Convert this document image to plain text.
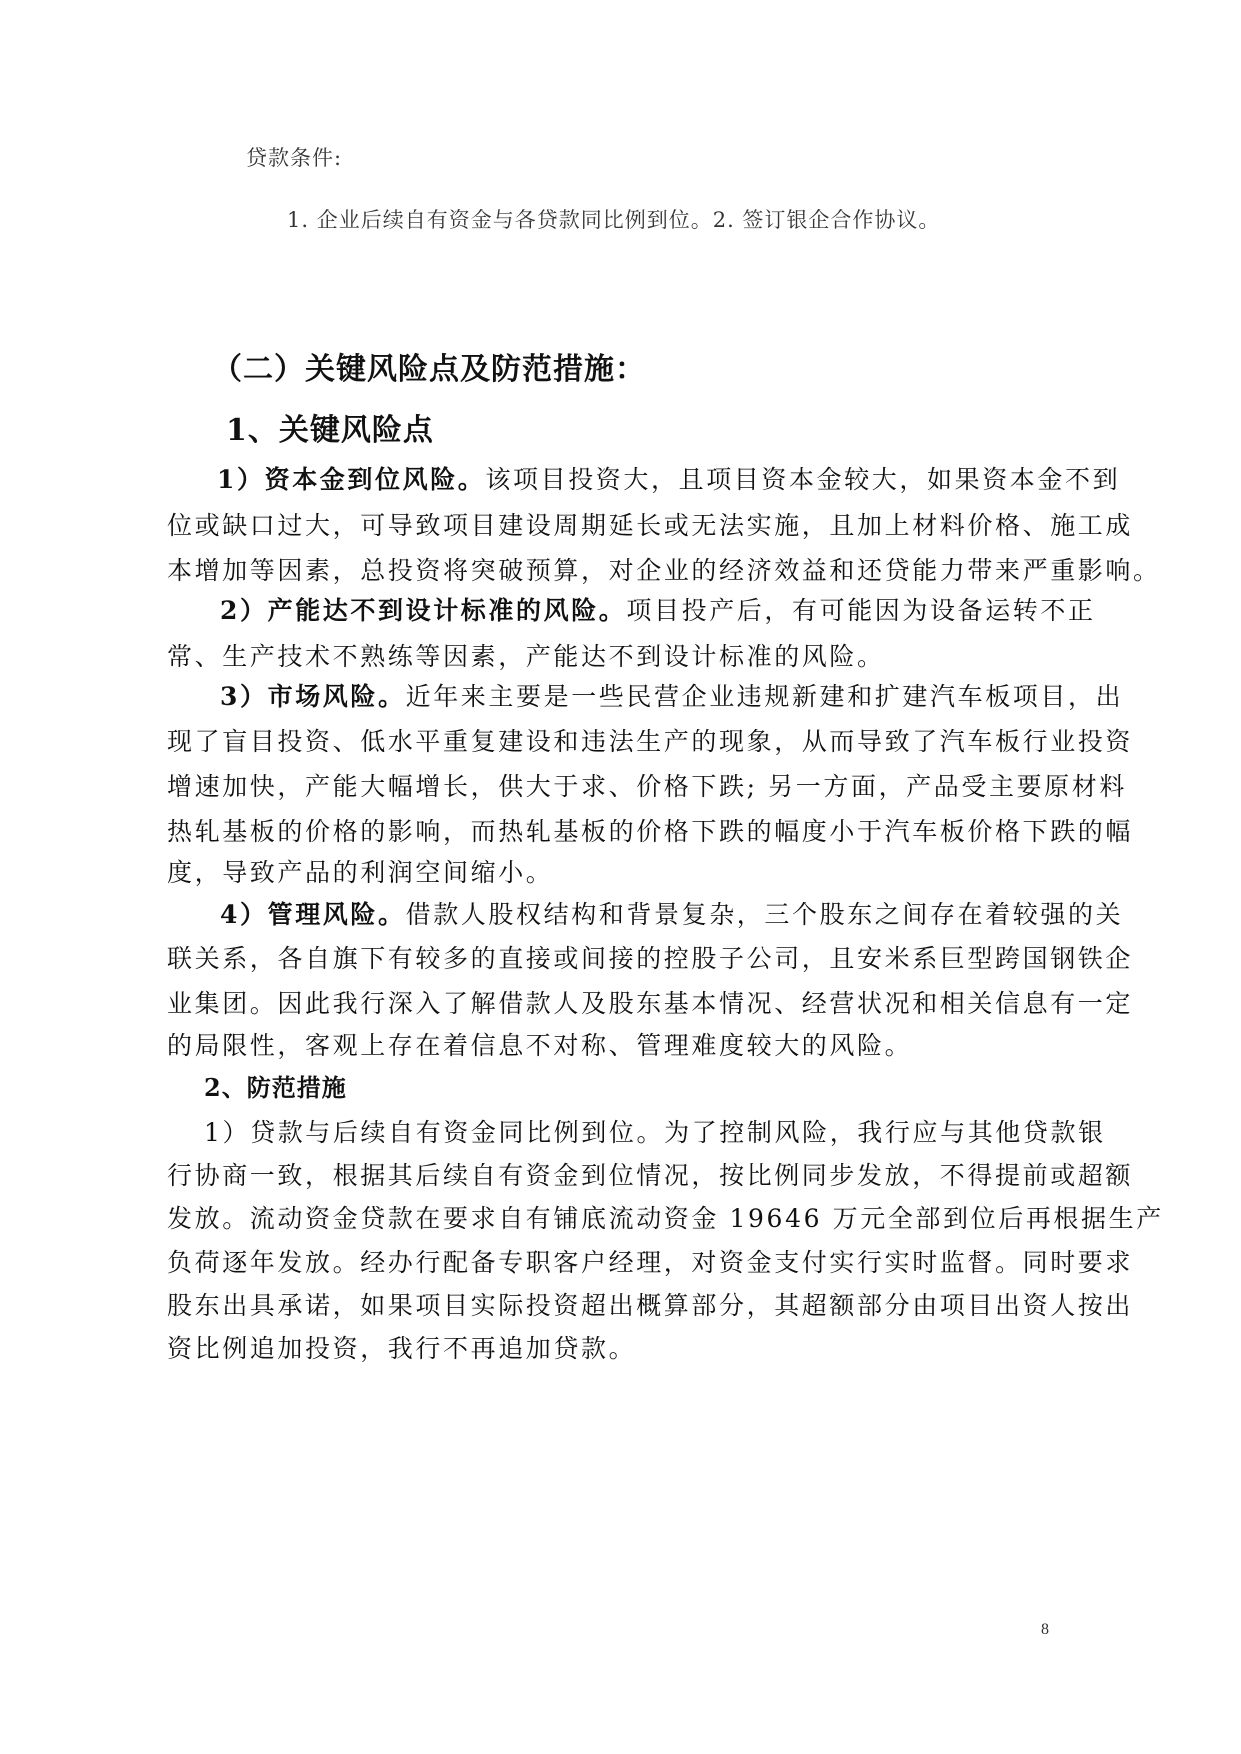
贷款条件:
1. 企业后续自有资金与各贷款同比例到位。2. 签订银企合作协议。
（二）关键风险点及防范措施：
1、关键风险点
1）资本金到位风险。该项目投资大，且项目资本金较大，如果资本金不到
位或缺口过大，可导致项目建设周期延长或无法实施，且加上材料价格、施工成
本增加等因素，总投资将突破预算，对企业的经济效益和还贷能力带来严重影响。
2）产能达不到设计标准的风险。项目投产后，有可能因为设备运转不正
常、生产技术不熟练等因素，产能达不到设计标准的风险。
3）市场风险。近年来主要是一些民营企业违规新建和扩建汽车板项目，出
现了盲目投资、低水平重复建设和违法生产的现象，从而导致了汽车板行业投资
增速加快，产能大幅增长，供大于求、价格下跌; 另一方面，产品受主要原材料
热轧基板的价格的影响，而热轧基板的价格下跌的幅度小于汽车板价格下跌的幅
度，导致产品的利润空间缩小。
4）管理风险。借款人股权结构和背景复杂，三个股东之间存在着较强的关
联关系，各自旗下有较多的直接或间接的控股子公司，且安米系巨型跨国钢铁企
业集团。因此我行深入了解借款人及股东基本情况、经营状况和相关信息有一定
的局限性，客观上存在着信息不对称、管理难度较大的风险。
2、防范措施
1）贷款与后续自有资金同比例到位。为了控制风险，我行应与其他贷款银
行协商一致，根据其后续自有资金到位情况，按比例同步发放，不得提前或超额
发放。流动资金贷款在要求自有铺底流动资金 19646 万元全部到位后再根据生产
负荷逐年发放。经办行配备专职客户经理，对资金支付实行实时监督。同时要求
股东出具承诺，如果项目实际投资超出概算部分，其超额部分由项目出资人按出
资比例追加投资，我行不再追加贷款。
8
